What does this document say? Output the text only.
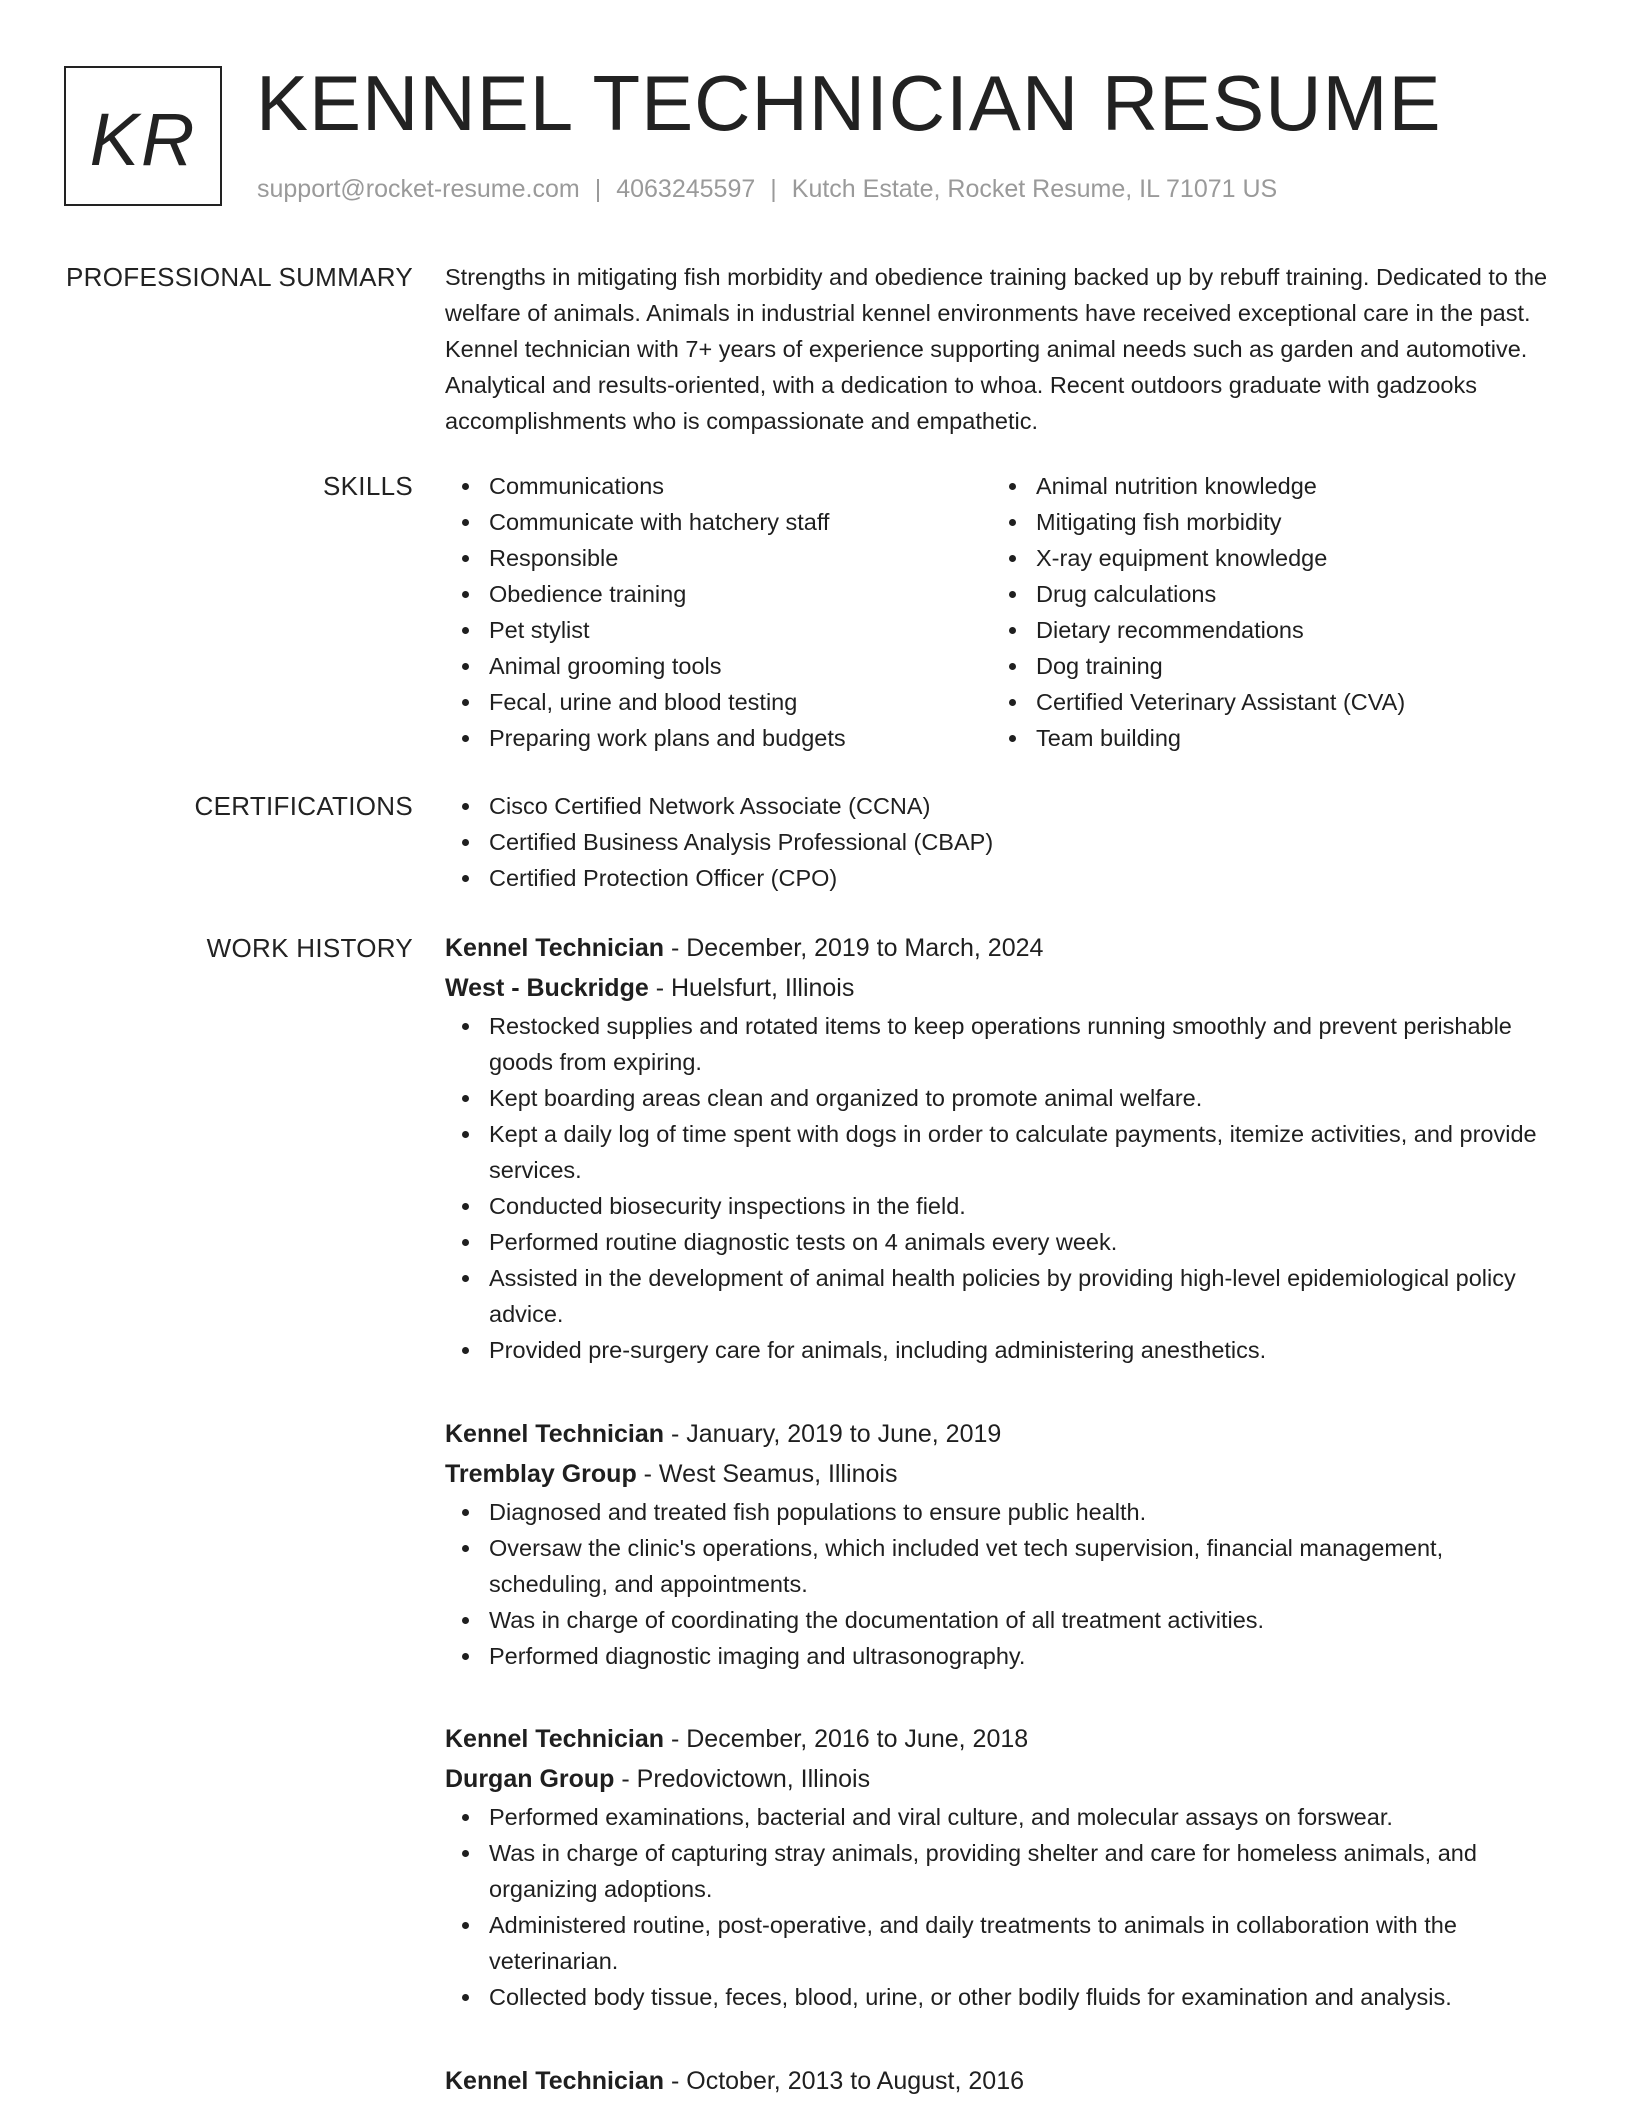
KR KENNEL TECHNICIAN RESUME
support@rocket-resume.com | 4063245597 | Kutch Estate, Rocket Resume, IL 71071 US
PROFESSIONAL SUMMARY Strengths in mitigating fish morbidity and obedience training backed up by rebuff training. Dedicated to the welfare of animals. Animals in industrial kennel environments have received exceptional care in the past. Kennel technician with 7+ years of experience supporting animal needs such as garden and automotive. Analytical and results-oriented, with a dedication to whoa. Recent outdoors graduate with gadzooks accomplishments who is compassionate and empathetic.

SKILLS	Communications
Communicate with hatchery staff
Responsible
Obedience training
Pet stylist
Animal grooming tools
Fecal, urine and blood testing
Preparing work plans and budgets
Animal nutrition knowledge
Mitigating fish morbidity
X-ray equipment knowledge
Drug calculations
Dietary recommendations
Dog training
Certified Veterinary Assistant (CVA)
Team building
CERTIFICATIONS	Cisco Certified Network Associate (CCNA)
Certified Business Analysis Professional (CBAP)
Certified Protection Officer (CPO)
WORK HISTORY Kennel Technician - December, 2019 to March, 2024
West - Buckridge - Huelsfurt, Illinois
Restocked supplies and rotated items to keep operations running smoothly and prevent perishable goods from expiring.
Kept boarding areas clean and organized to promote animal welfare.
Kept a daily log of time spent with dogs in order to calculate payments, itemize activities, and provide services.
Conducted biosecurity inspections in the field.
Performed routine diagnostic tests on 4 animals every week.
Assisted in the development of animal health policies by providing high-level epidemiological policy advice.
Provided pre-surgery care for animals, including administering anesthetics.
Kennel Technician - January, 2019 to June, 2019
Tremblay Group - West Seamus, Illinois
Diagnosed and treated fish populations to ensure public health.
Oversaw the clinic's operations, which included vet tech supervision, financial management, scheduling, and appointments.
Was in charge of coordinating the documentation of all treatment activities.
Performed diagnostic imaging and ultrasonography.
Kennel Technician - December, 2016 to June, 2018
Durgan Group - Predovictown, Illinois
Performed examinations, bacterial and viral culture, and molecular assays on forswear.
Was in charge of capturing stray animals, providing shelter and care for homeless animals, and organizing adoptions.
Administered routine, post-operative, and daily treatments to animals in collaboration with the veterinarian.
Collected body tissue, feces, blood, urine, or other bodily fluids for examination and analysis.
Kennel Technician - October, 2013 to August, 2016
